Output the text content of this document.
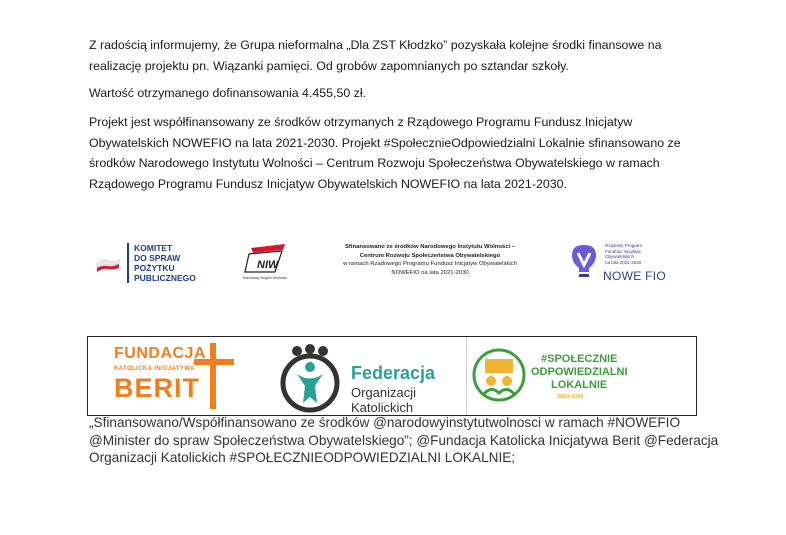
Z radością informujemy, że Grupa nieformalna „Dla ZST Kłodzko” pozyskała kolejne środki finansowe na realizację projektu pn. Wiązanki pamięci. Od grobów zapomnianych po sztandar szkoły.

Wartość otrzymanego dofinansowania 4.455,50 zł.

Projekt jest współfinansowany ze środków otrzymanych z Rządowego Programu Fundusz Inicjatyw Obywatelskich NOWEFIO na lata 2021-2030. Projekt #SpołecznieOdpowiedzialni Lokalnie sfinansowano ze środków Narodowego Instytutu Wolności – Centrum Rozwoju Społeczeństwa Obywatelskiego w ramach Rządowego Programu Fundusz Inicjatyw Obywatelskich NOWEFIO na lata 2021-2030.

KOMITET
DO SPRAW
POŻYTKU
PUBLICZNEGO
NIW
Narodowy Instytut Wolności
Sfinansowano ze środków Narodowego Instytutu Wolności –
Centrum Rozwoju Społeczeństwa Obywatelskiego
w ramach Rządowego Programu Fundusz Inicjatyw Obywatelskich
NOWEFIO na lata 2021-2030
Rządowy Program
Fundusz Inicjatyw
Obywatelskich
na lata 2021-2030
NOWE FIO
FUNDACJA
KATOLICKA INICJATYWA
BERIT	Federacja
Organizacji
Katolickich
#SPOŁECZNIE
ODPOWIEDZIALNI
LOKALNIE
2024-2026

„Sfinansowano/Współfinansowano ze środków @narodowyinstytutwolnosci w ramach #NOWEFIO @Minister do spraw Społeczeństwa Obywatelskiego”; @Fundacja Katolicka Inicjatywa Berit @Federacja Organizacji Katolickich #SPOŁECZNIEODPOWIEDZIALNI LOKALNIE;
